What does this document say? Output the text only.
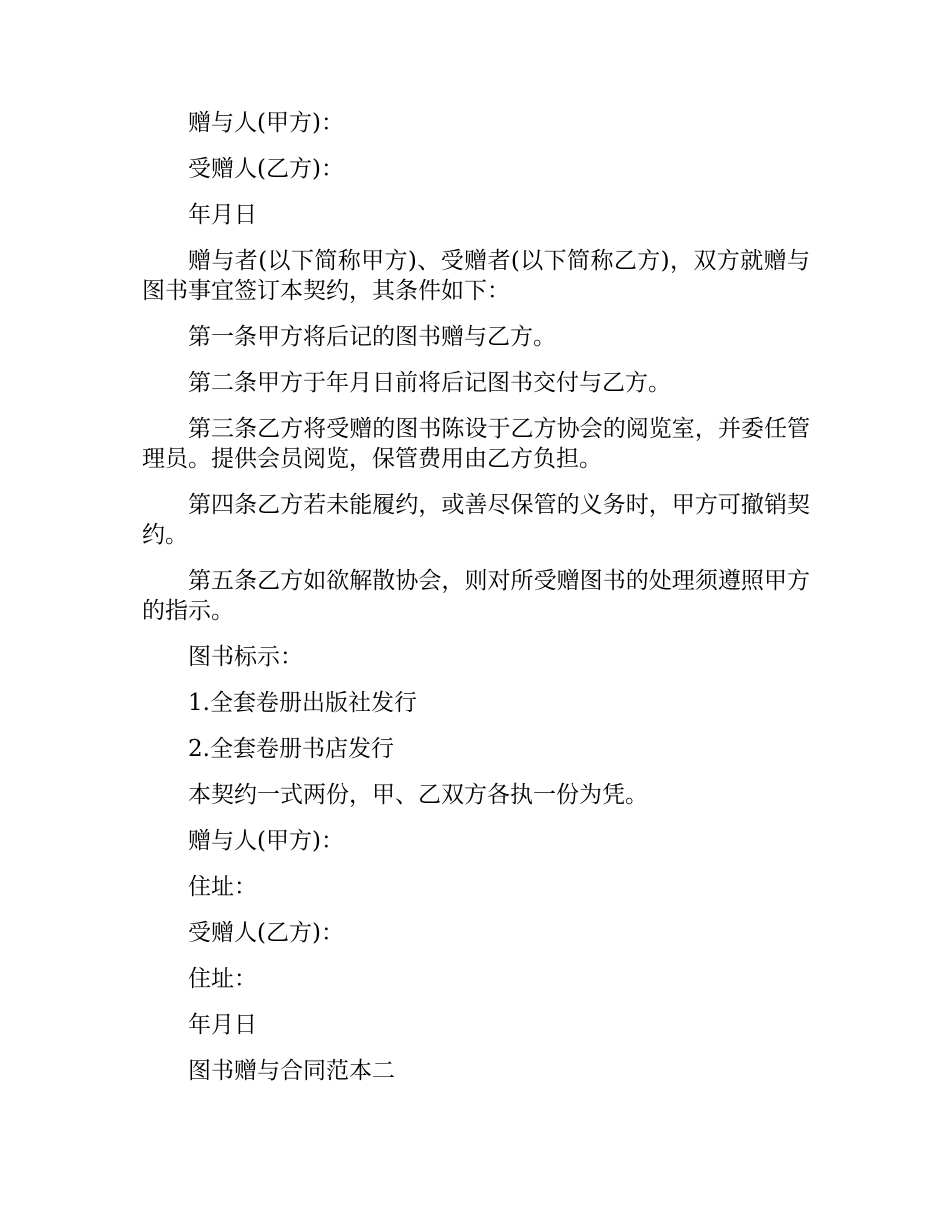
赠与人(甲方)：

受赠人(乙方)：

年月日

赠与者(以下简称甲方)、受赠者(以下简称乙方)，双方就赠与图书事宜签订本契约，其条件如下：

第一条甲方将后记的图书赠与乙方。

第二条甲方于年月日前将后记图书交付与乙方。

第三条乙方将受赠的图书陈设于乙方协会的阅览室，并委任管理员。提供会员阅览，保管费用由乙方负担。

第四条乙方若未能履约，或善尽保管的义务时，甲方可撤销契约。

第五条乙方如欲解散协会，则对所受赠图书的处理须遵照甲方的指示。

图书标示：

1.全套卷册出版社发行

2.全套卷册书店发行

本契约一式两份，甲、乙双方各执一份为凭。

赠与人(甲方)：

住址：

受赠人(乙方)：

住址：

年月日

图书赠与合同范本二
